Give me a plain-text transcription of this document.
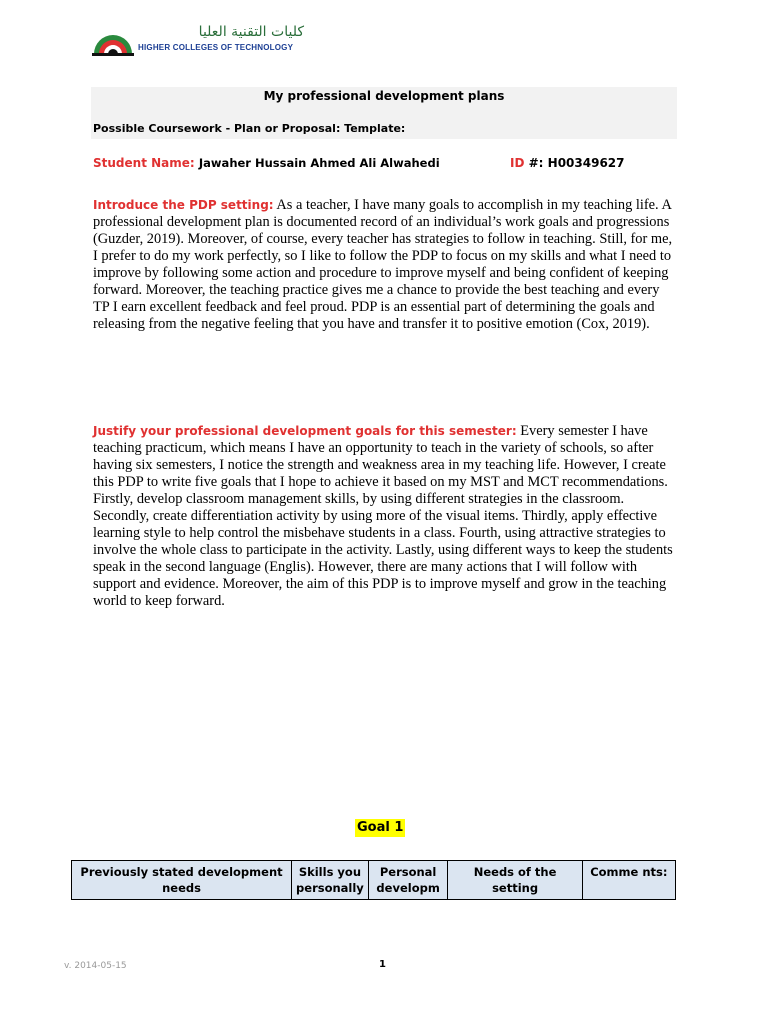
كليات التقنية العليا
HIGHER COLLEGES OF TECHNOLOGY
My professional development plans
Possible Coursework - Plan or Proposal: Template:
Student Name: Jawaher Hussain Ahmed Ali Alwahedi	ID #: H00349627
Introduce the PDP setting: As a teacher, I have many goals to accomplish in my teaching life. A professional development plan is documented record of an individual’s work goals and progressions (Guzder, 2019). Moreover, of course, every teacher has strategies to follow in teaching. Still, for me, I prefer to do my work perfectly, so I like to follow the PDP to focus on my skills and what I need to improve by following some action and procedure to improve myself and being confident of keeping forward. Moreover, the teaching practice gives me a chance to provide the best teaching and every TP I earn excellent feedback and feel proud. PDP is an essential part of determining the goals and releasing from the negative feeling that you have and transfer it to positive emotion (Cox, 2019).
Justify your professional development goals for this semester: Every semester I have teaching practicum, which means I have an opportunity to teach in the variety of schools, so after having six semesters, I notice the strength and weakness area in my teaching life. However, I create this PDP to write five goals that I hope to achieve it based on my MST and MCT recommendations. Firstly, develop classroom management skills, by using different strategies in the classroom. Secondly, create differentiation activity by using more of the visual items. Thirdly, apply effective learning style to help control the misbehave students in a class. Fourth, using attractive strategies to involve the whole class to participate in the activity. Lastly, using different ways to keep the students speak in the second language (Englis). However, there are many actions that I will follow with support and evidence. Moreover, the aim of this PDP is to improve myself and grow in the teaching world to keep forward.
Goal 1
Previously stated development needs	Skills you personally	Personal developm	Needs of the setting	Comme nts:
v. 2014-05-15	1
